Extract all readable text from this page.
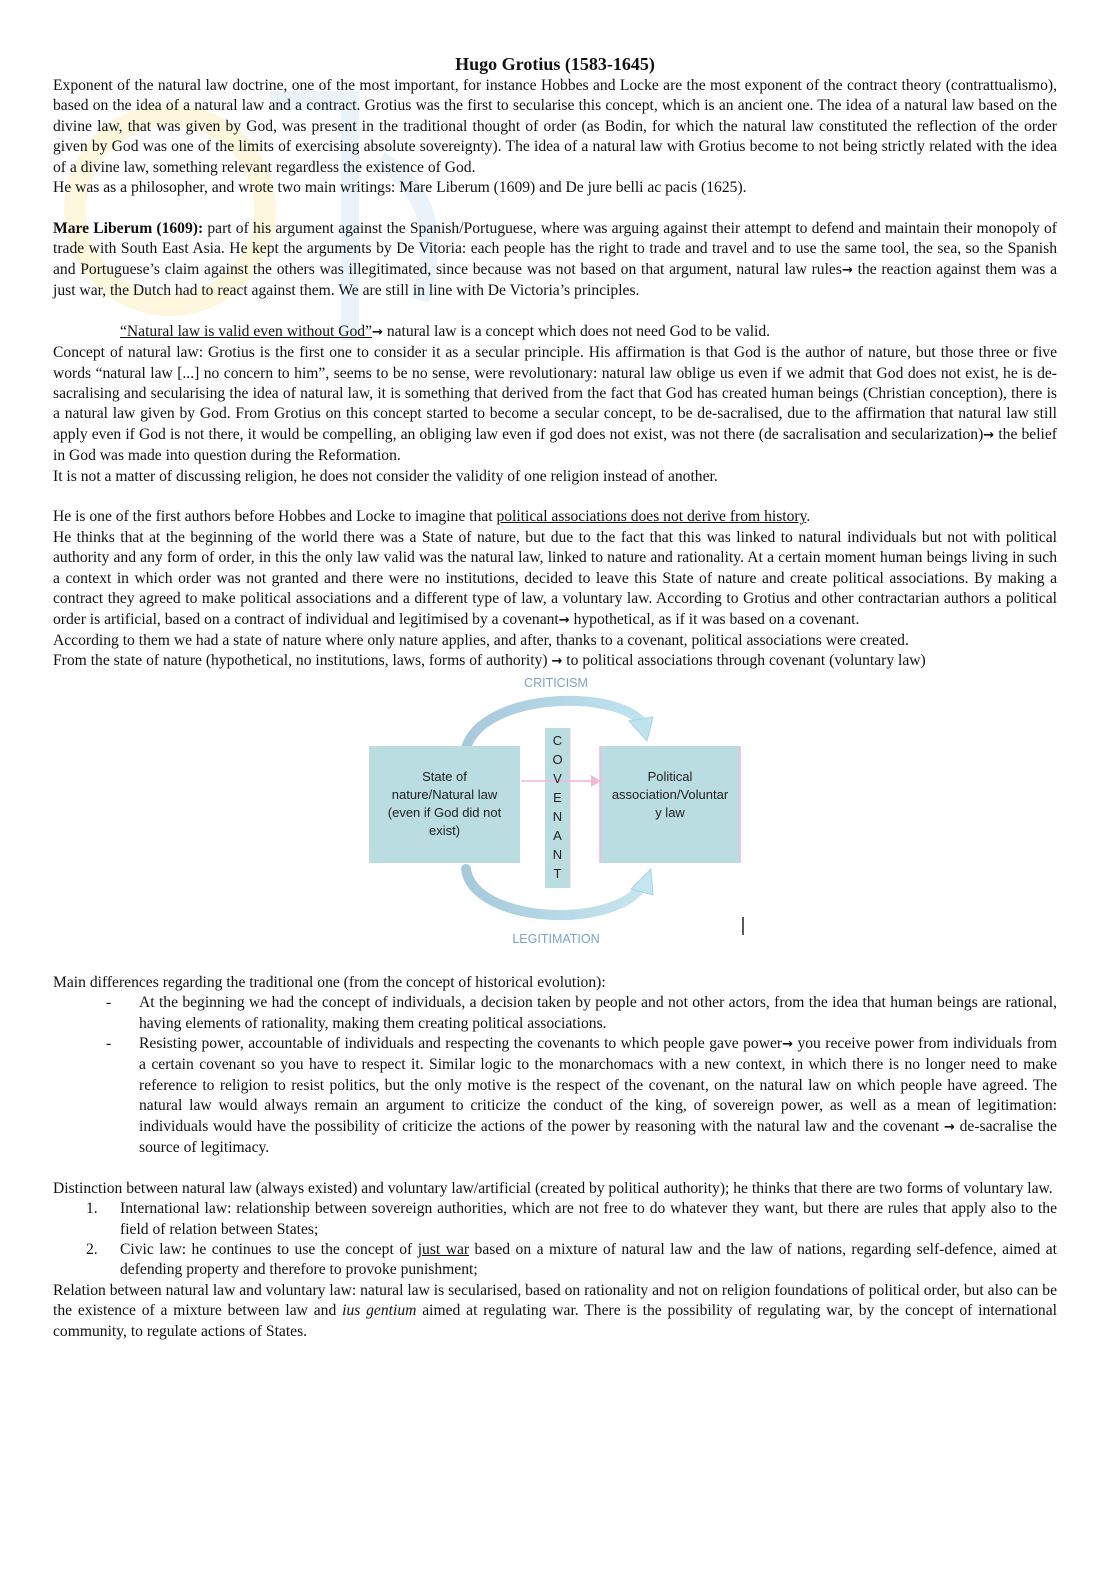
Hugo Grotius (1583-1645)

Exponent of the natural law doctrine, one of the most important, for instance Hobbes and Locke are the most exponent of the contract theory (contrattualismo), based on the idea of a natural law and a contract. Grotius was the first to secularise this concept, which is an ancient one. The idea of a natural law based on the divine law, that was given by God, was present in the traditional thought of order (as Bodin, for which the natural law constituted the reflection of the order given by God was one of the limits of exercising absolute sovereignty). The idea of a natural law with Grotius become to not being strictly related with the idea of a divine law, something relevant regardless the existence of God.

He was as a philosopher, and wrote two main writings: Mare Liberum (1609) and De jure belli ac pacis (1625).

Mare Liberum (1609): part of his argument against the Spanish/Portuguese, where was arguing against their attempt to defend and maintain their monopoly of trade with South East Asia. He kept the arguments by De Vitoria: each people has the right to trade and travel and to use the same tool, the sea, so the Spanish and Portuguese’s claim against the others was illegitimated, since because was not based on that argument, natural law rules→ the reaction against them was a just war, the Dutch had to react against them. We are still in line with De Victoria’s principles.

“Natural law is valid even without God”→ natural law is a concept which does not need God to be valid.

Concept of natural law: Grotius is the first one to consider it as a secular principle. His affirmation is that God is the author of nature, but those three or five words “natural law [...] no concern to him”, seems to be no sense, were revolutionary: natural law oblige us even if we admit that God does not exist, he is de-sacralising and secularising the idea of natural law, it is something that derived from the fact that God has created human beings (Christian conception), there is a natural law given by God. From Grotius on this concept started to become a secular concept, to be de-sacralised, due to the affirmation that natural law still apply even if God is not there, it would be compelling, an obliging law even if god does not exist, was not there (de sacralisation and secularization)→ the belief in God was made into question during the Reformation.

It is not a matter of discussing religion, he does not consider the validity of one religion instead of another.

He is one of the first authors before Hobbes and Locke to imagine that political associations does not derive from history.

He thinks that at the beginning of the world there was a State of nature, but due to the fact that this was linked to natural individuals but not with political authority and any form of order, in this the only law valid was the natural law, linked to nature and rationality. At a certain moment human beings living in such a context in which order was not granted and there were no institutions, decided to leave this State of nature and create political associations. By making a contract they agreed to make political associations and a different type of law, a voluntary law. According to Grotius and other contractarian authors a political order is artificial, based on a contract of individual and legitimised by a covenant→ hypothetical, as if it was based on a covenant.

According to them we had a state of nature where only nature applies, and after, thanks to a covenant, political associations were created.

From the state of nature (hypothetical, no institutions, laws, forms of authority) → to political associations through covenant (voluntary law)

CRITICISM
State of
nature/Natural law
(even if God did not
exist)
C
O
V
E
N
A
N
T
Political
association/Voluntar
y law
LEGITIMATION

Main differences regarding the traditional one (from the concept of historical evolution):

- At the beginning we had the concept of individuals, a decision taken by people and not other actors, from the idea that human beings are rational, having elements of rationality, making them creating political associations.
- Resisting power, accountable of individuals and respecting the covenants to which people gave power→ you receive power from individuals from a certain covenant so you have to respect it. Similar logic to the monarchomacs with a new context, in which there is no longer need to make reference to religion to resist politics, but the only motive is the respect of the covenant, on the natural law on which people have agreed. The natural law would always remain an argument to criticize the conduct of the king, of sovereign power, as well as a mean of legitimation: individuals would have the possibility of criticize the actions of the power by reasoning with the natural law and the covenant → de-sacralise the source of legitimacy.

Distinction between natural law (always existed) and voluntary law/artificial (created by political authority); he thinks that there are two forms of voluntary law.

1. International law: relationship between sovereign authorities, which are not free to do whatever they want, but there are rules that apply also to the field of relation between States;
2. Civic law: he continues to use the concept of just war based on a mixture of natural law and the law of nations, regarding self-defence, aimed at defending property and therefore to provoke punishment;

Relation between natural law and voluntary law: natural law is secularised, based on rationality and not on religion foundations of political order, but also can be the existence of a mixture between law and ius gentium aimed at regulating war. There is the possibility of regulating war, by the concept of international community, to regulate actions of States.
